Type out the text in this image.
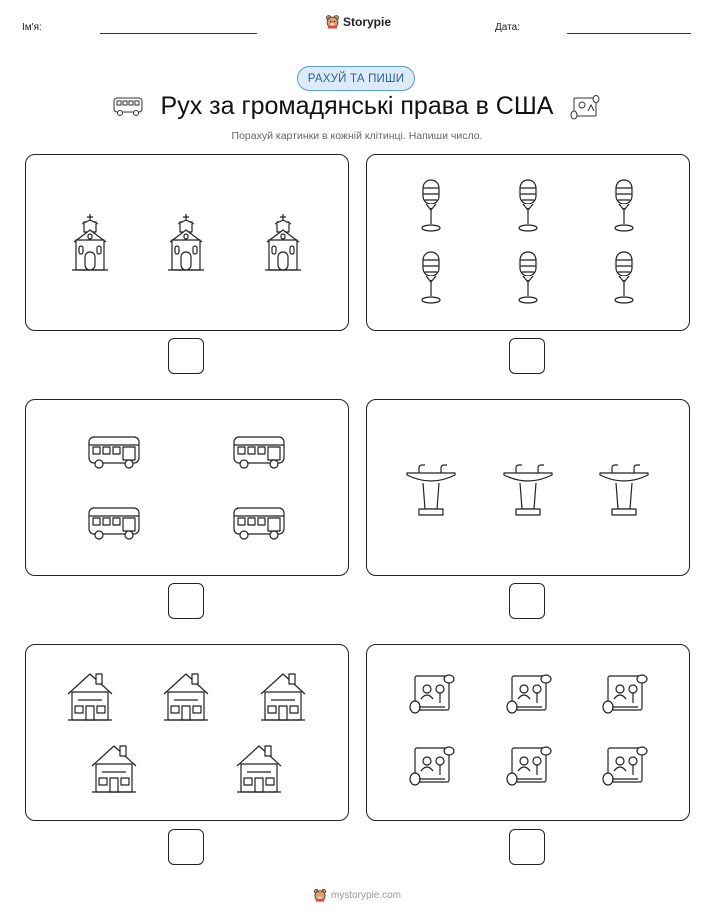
Ім'я:	Storypie	Дата:
РАХУЙ ТА ПИШИ
Рух за громадянські права в США
Порахуй картинки в кожній клітинці. Напиши число.
mystorypie.com
